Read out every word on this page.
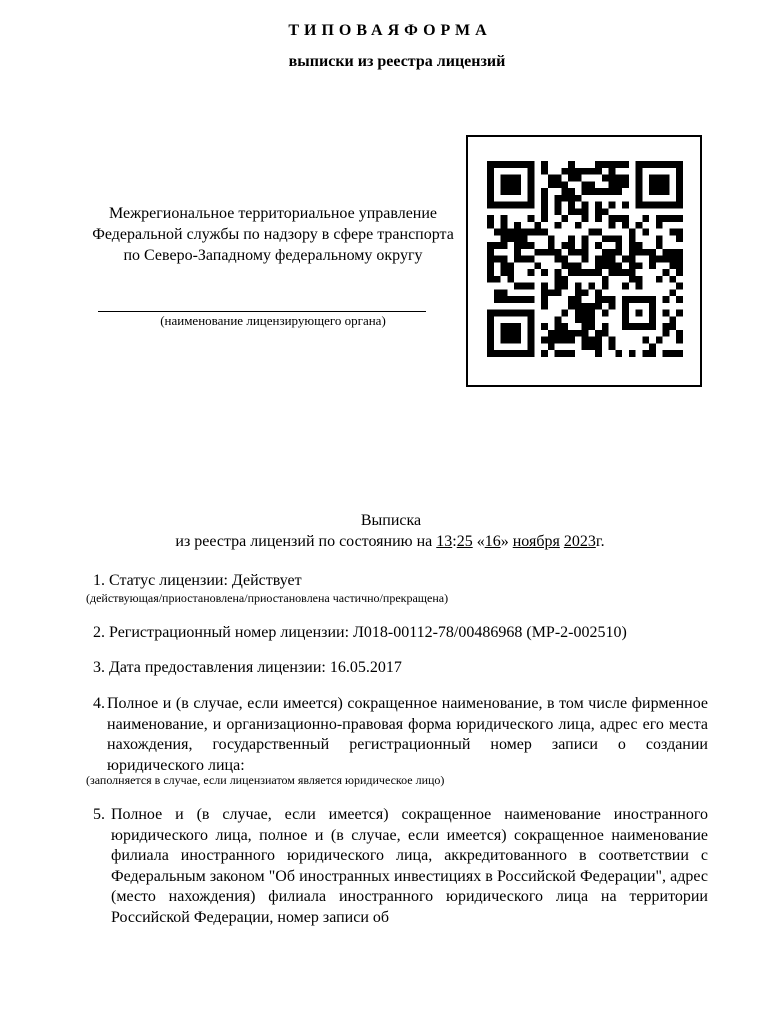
ТИПОВАЯФОРМА
выписки из реестра лицензий
Межрегиональное территориальное управление Федеральной службы по надзору в сфере транспорта по Северо-Западному федеральному округу
(наименование лицензирующего органа)
Выписка
из реестра лицензий по состоянию на 13:25 «16» ноября 2023г.
1. Статус лицензии: Действует
(действующая/приостановлена/приостановлена частично/прекращена)
2. Регистрационный номер лицензии: Л018-00112-78/00486968 (МР-2-002510)
3. Дата предоставления лицензии: 16.05.2017
4. Полное и (в случае, если имеется) сокращенное наименование, в том числе фирменное наименование, и организационно-правовая форма юридического лица, адрес его места нахождения, государственный регистрационный номер записи о создании юридического лица:
(заполняется в случае, если лицензиатом является юридическое лицо)
5. Полное и (в случае, если имеется) сокращенное наименование иностранного юридического лица, полное и (в случае, если имеется) сокращенное наименование филиала иностранного юридического лица, аккредитованного в соответствии с Федеральным законом "Об иностранных инвестициях в Российской Федерации", адрес (место нахождения) филиала иностранного юридического лица на территории Российской Федерации, номер записи об
